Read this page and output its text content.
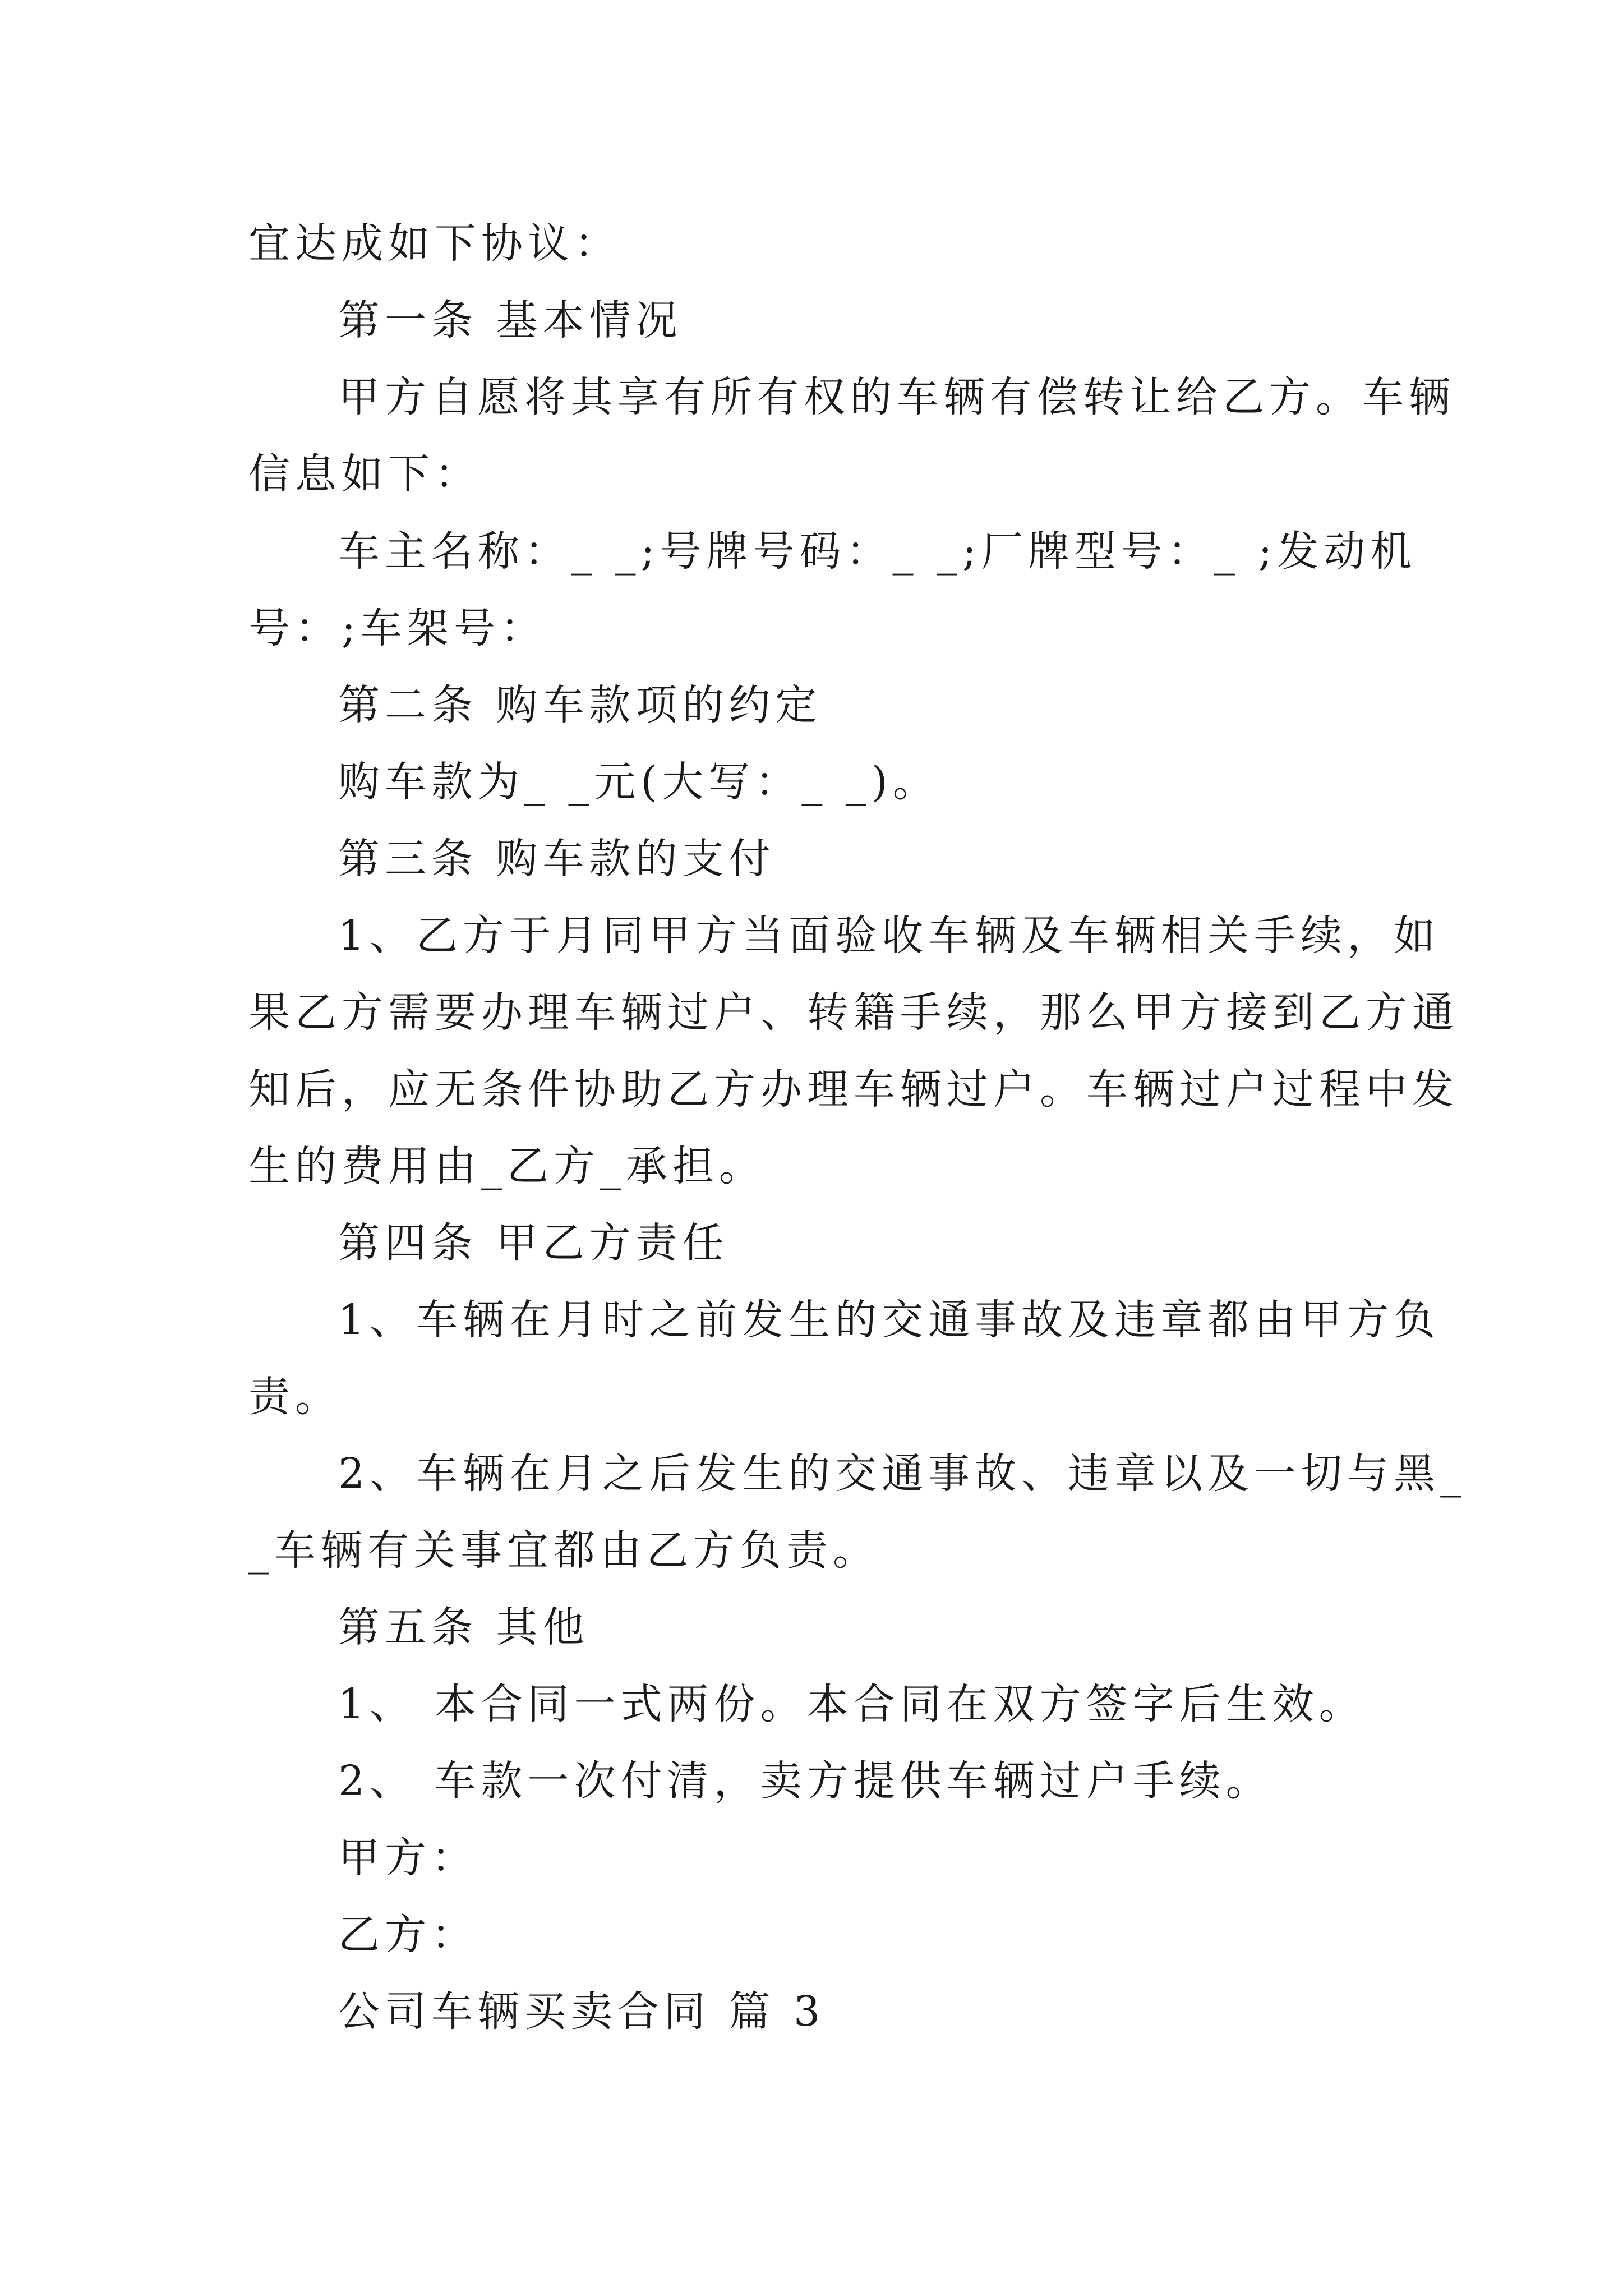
宜达成如下协议：
第一条 基本情况
甲方自愿将其享有所有权的车辆有偿转让给乙方。车辆
信息如下：
车主名称：_ _;号牌号码：_ _;厂牌型号：_ ;发动机
号：;车架号：
第二条 购车款项的约定
购车款为_ _元(大写：_ _)。
第三条 购车款的支付
1、乙方于月同甲方当面验收车辆及车辆相关手续，如
果乙方需要办理车辆过户、转籍手续，那么甲方接到乙方通
知后，应无条件协助乙方办理车辆过户。车辆过户过程中发
生的费用由_乙方_承担。
第四条 甲乙方责任
1、车辆在月时之前发生的交通事故及违章都由甲方负
责。
2、车辆在月之后发生的交通事故、违章以及一切与黑_
_车辆有关事宜都由乙方负责。
第五条 其他
1、 本合同一式两份。本合同在双方签字后生效。
2、 车款一次付清，卖方提供车辆过户手续。
甲方：
乙方：
公司车辆买卖合同 篇 3
